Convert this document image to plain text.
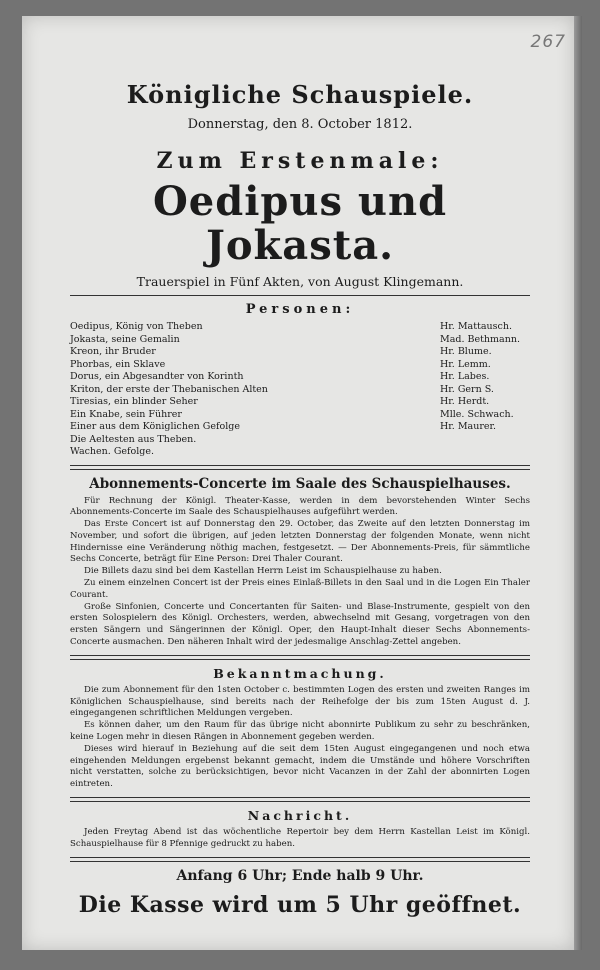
267
Königliche Schauspiele.
Donnerstag, den 8. October 1812.
Zum Erstenmale:
Oedipus und Jokasta.
Trauerspiel in Fünf Akten, von August Klingemann.
Personen:
Oedipus, König von Theben	Hr. Mattausch.
Jokasta, seine Gemalin	Mad. Bethmann.
Kreon, ihr Bruder	Hr. Blume.
Phorbas, ein Sklave	Hr. Lemm.
Dorus, ein Abgesandter von Korinth	Hr. Labes.
Kriton, der erste der Thebanischen Alten	Hr. Gern S.
Tiresias, ein blinder Seher	Hr. Herdt.
Ein Knabe, sein Führer	Mlle. Schwach.
Einer aus dem Königlichen Gefolge	Hr. Maurer.
Die Aeltesten aus Theben.
Wachen. Gefolge.
Abonnements-Concerte im Saale des Schauspielhauses.
Für Rechnung der Königl. Theater-Kasse, werden in dem bevorstehenden Winter Sechs Abonnements-Concerte im Saale des Schauspielhauses aufgeführt werden.
Das Erste Concert ist auf Donnerstag den 29. October, das Zweite auf den letzten Donnerstag im November, und sofort die übrigen, auf jeden letzten Donnerstag der folgenden Monate, wenn nicht Hindernisse eine Veränderung nöthig machen, festgesetzt. — Der Abonnements-Preis, für sämmtliche Sechs Concerte, beträgt für Eine Person: Drei Thaler Courant.
Die Billets dazu sind bei dem Kastellan Herrn Leist im Schauspielhause zu haben.
Zu einem einzelnen Concert ist der Preis eines Einlaß-Billets in den Saal und in die Logen Ein Thaler Courant.
Große Sinfonien, Concerte und Concertanten für Saiten- und Blase-Instrumente, gespielt von den ersten Solospielern des Königl. Orchesters, werden, abwechselnd mit Gesang, vorgetragen von den ersten Sängern und Sängerinnen der Königl. Oper, den Haupt-Inhalt dieser Sechs Abonnements-Concerte ausmachen. Den näheren Inhalt wird der jedesmalige Anschlag-Zettel angeben.
Bekanntmachung.
Die zum Abonnement für den 1sten October c. bestimmten Logen des ersten und zweiten Ranges im Königlichen Schauspielhause, sind bereits nach der Reihefolge der bis zum 15ten August d. J. eingegangenen schriftlichen Meldungen vergeben.
Es können daher, um den Raum für das übrige nicht abonnirte Publikum zu sehr zu beschränken, keine Logen mehr in diesen Rängen in Abonnement gegeben werden.
Dieses wird hierauf in Beziehung auf die seit dem 15ten August eingegangenen und noch etwa eingehenden Meldungen ergebenst bekannt gemacht, indem die Umstände und höhere Vorschriften nicht verstatten, solche zu berücksichtigen, bevor nicht Vacanzen in der Zahl der abonnirten Logen eintreten.
Nachricht.
Jeden Freytag Abend ist das wöchentliche Repertoir bey dem Herrn Kastellan Leist im Königl. Schauspielhause für 8 Pfennige gedruckt zu haben.
Anfang 6 Uhr; Ende halb 9 Uhr.
Die Kasse wird um 5 Uhr geöffnet.
